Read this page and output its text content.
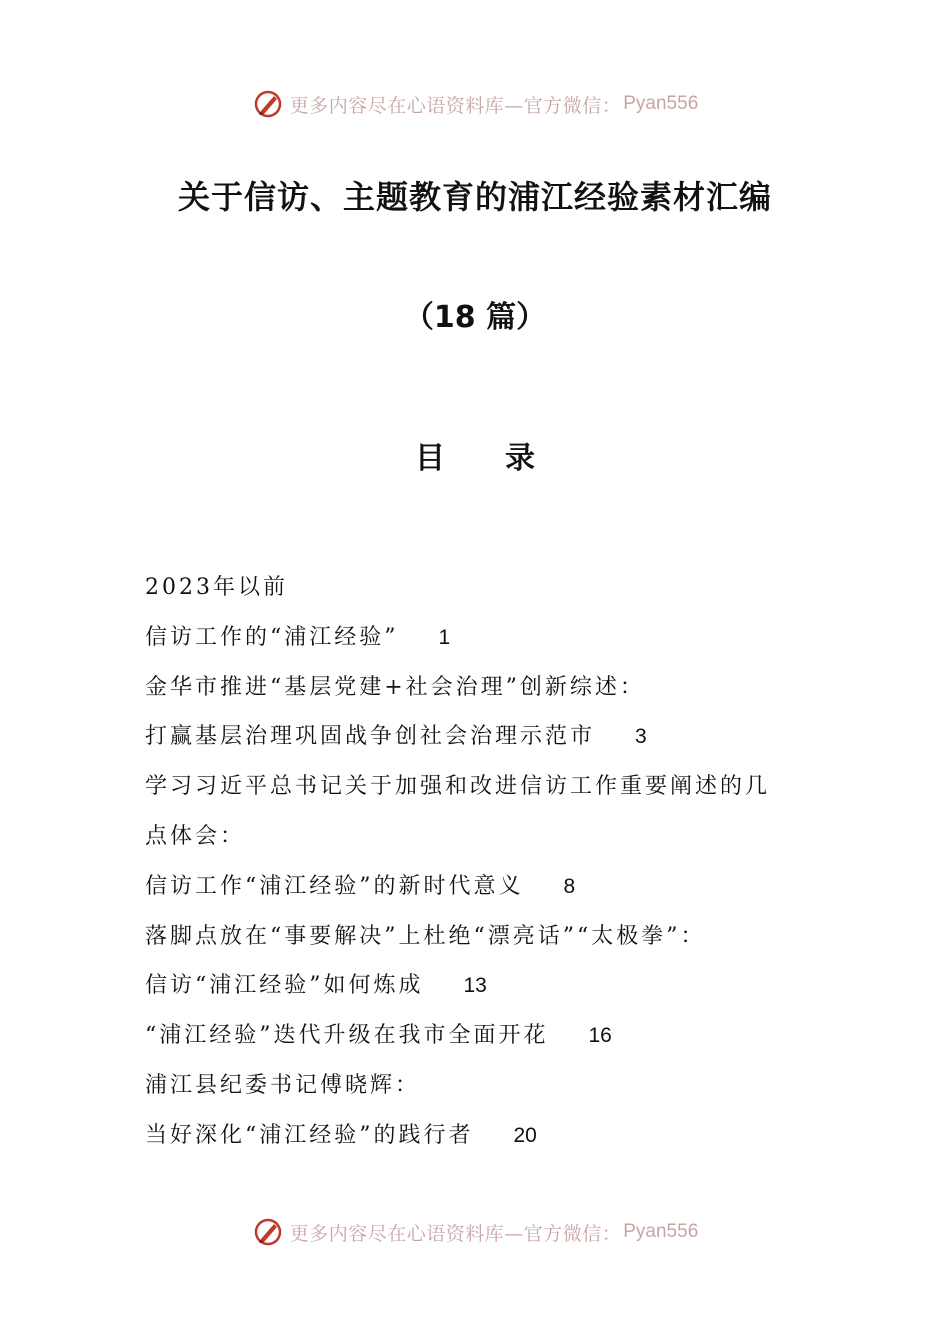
更多内容尽在心语资料库—官方微信： Pyan556
关于信访、主题教育的浦江经验素材汇编
（18 篇）
目录
2023年以前
信访工作的“浦江经验” 1
金华市推进“基层党建+社会治理”创新综述：
打赢基层治理巩固战争创社会治理示范市 3
学习习近平总书记关于加强和改进信访工作重要阐述的几
点体会：
信访工作“浦江经验”的新时代意义 8
落脚点放在“事要解决”上杜绝“漂亮话”“太极拳”：
信访“浦江经验”如何炼成 13
“浦江经验”迭代升级在我市全面开花 16
浦江县纪委书记傅晓辉：
当好深化“浦江经验”的践行者 20
更多内容尽在心语资料库—官方微信： Pyan556
